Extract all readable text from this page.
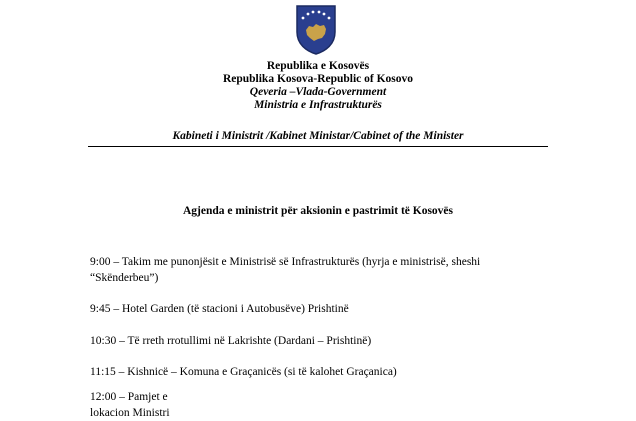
Republika e Kosovës
Republika Kosova-Republic of Kosovo
Qeveria –Vlada-Government
Ministria e Infrastrukturës
Kabineti i Ministrit /Kabinet Ministar/Cabinet of the Minister
Agjenda e ministrit për aksionin e pastrimit të Kosovës
9:00 – Takim me punonjësit e Ministrisë së Infrastrukturës (hyrja e ministrisë, sheshi
“Skënderbeu”)
9:45 – Hotel Garden (të stacioni i Autobusëve) Prishtinë
10:30 – Të rreth rrotullimi në Lakrishte (Dardani – Prishtinë)
11:15 – Kishnicë – Komuna e Graçanicës (si të kalohet Graçanica)
12:00 – Pamjet e lokacion Ministri
